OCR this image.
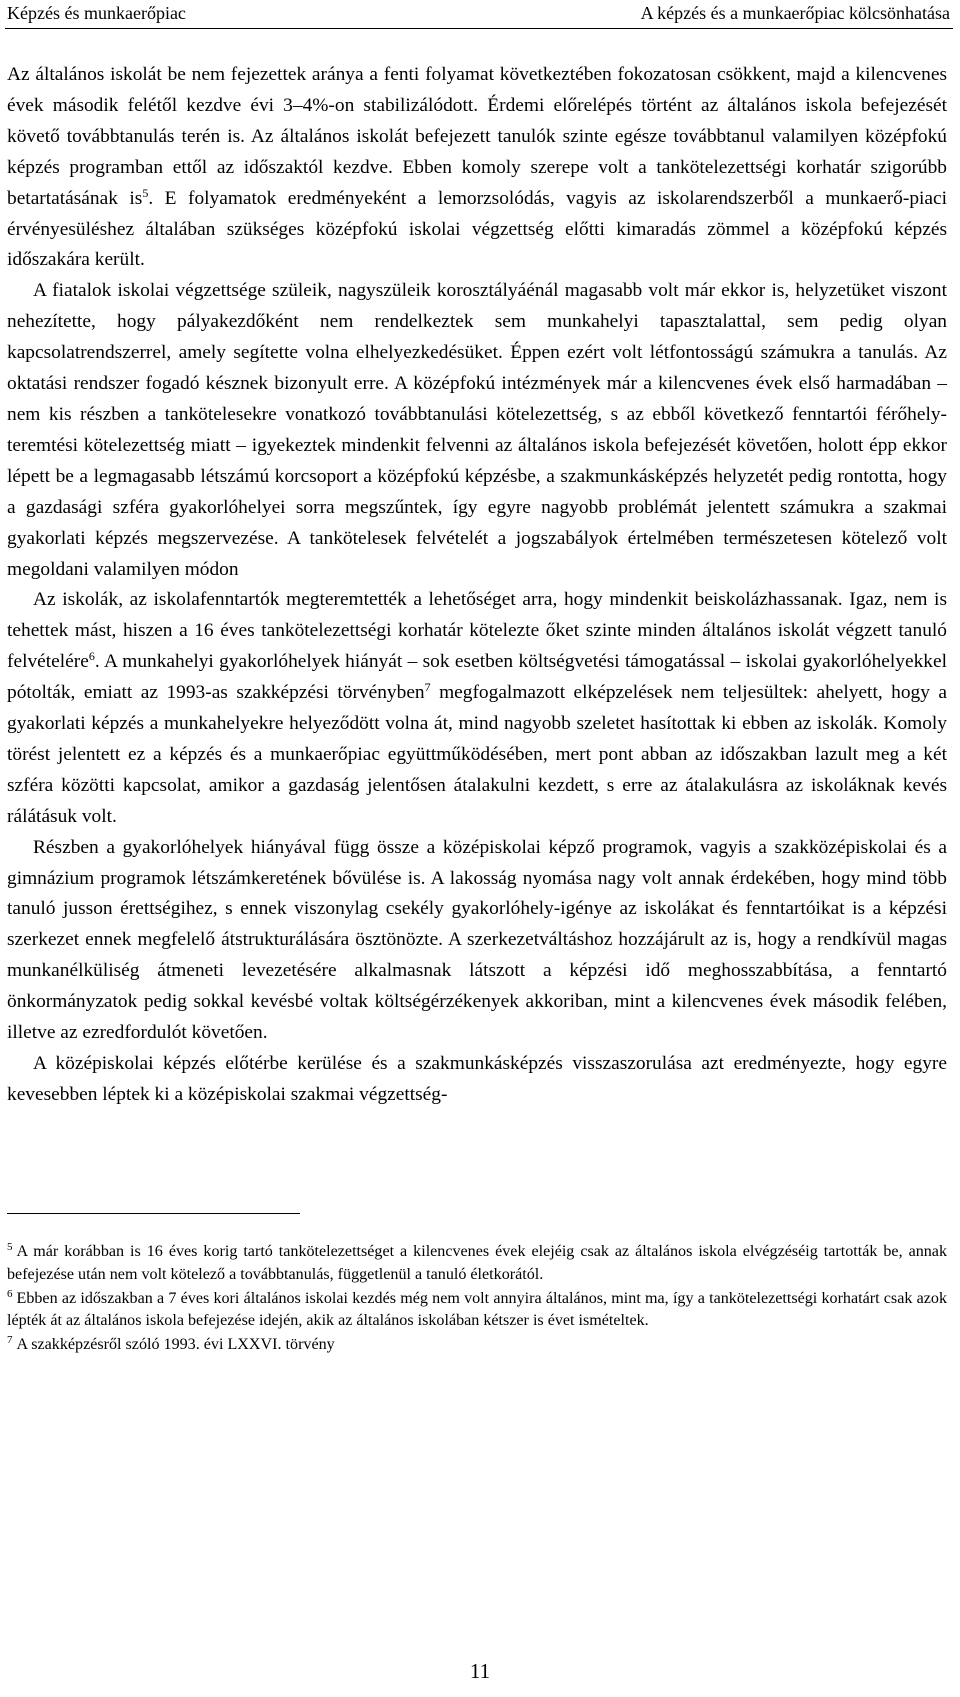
Képzés és munkaerőpiac	A képzés és a munkaerőpiac kölcsönhatása

Az általános iskolát be nem fejezettek aránya a fenti folyamat következtében fokozatosan csökkent, majd a kilencvenes évek második felétől kezdve évi 3–4%-on stabilizálódott. Érdemi előrelépés történt az általános iskola befejezését követő továbbtanulás terén is. Az általános iskolát befejezett tanulók szinte egésze továbbtanul valamilyen középfokú képzés programban ettől az időszaktól kezdve. Ebben komoly szerepe volt a tankötelezettségi korhatár szigorúbb betartatásának $is^5$. E folyamatok eredményeként a lemorzsolódás, vagyis az iskolarendszerből a munkaerő-piaci érvényesüléshez általában szükséges középfokú iskolai végzettség előtti kimaradás zömmel a középfokú képzés időszakára került.

A fiatalok iskolai végzettsége szüleik, nagyszüleik korosztályáénál magasabb volt már ekkor is, helyzetüket viszont nehezítette, hogy pályakezdőként nem rendelkeztek sem munkahelyi tapasztalattal, sem pedig olyan kapcsolatrendszerrel, amely segítette volna elhelyezkedésüket. Éppen ezért volt létfontosságú számukra a tanulás. Az oktatási rendszer fogadó késznek bizonyult erre. A középfokú intézmények már a kilencvenes évek első harmadában – nem kis részben a tankötelesekre vonatkozó továbbtanulási kötelezettség, s az ebből következő fenntartói férőhely-teremtési kötelezettség miatt – igyekeztek mindenkit felvenni az általános iskola befejezését követően, holott épp ekkor lépett be a legmagasabb létszámú korcsoport a középfokú képzésbe, a szakmunkásképzés helyzetét pedig rontotta, hogy a gazdasági szféra gyakorlóhelyei sorra megszűntek, így egyre nagyobb problémát jelentett számukra a szakmai gyakorlati képzés megszervezése. A tankötelesek felvételét a jogszabályok értelmében természetesen kötelező volt megoldani valamilyen módon

Az iskolák, az iskolafenntartók megteremtették a lehetőséget arra, hogy mindenkit beiskolázhassanak. Igaz, nem is tehettek mást, hiszen a 16 éves tankötelezettségi korhatár kötelezte őket szinte minden általános iskolát végzett tanuló felvételére$^6$. A munkahelyi gyakorlóhelyek hiányát – sok esetben költségvetési támogatással – iskolai gyakorlóhelyekkel pótolták, emiatt az 1993-as szakképzési törvényben$^7$ megfogalmazott elképzelések nem teljesültek: ahelyett, hogy a gyakorlati képzés a munkahelyekre helyeződött volna át, mind nagyobb szeletet hasítottak ki ebben az iskolák. Komoly törést jelentett ez a képzés és a munkaerőpiac együttműködésében, mert pont abban az időszakban lazult meg a két szféra közötti kapcsolat, amikor a gazdaság jelentősen átalakulni kezdett, s erre az átalakulásra az iskoláknak kevés rálátásuk volt.

Részben a gyakorlóhelyek hiányával függ össze a középiskolai képző programok, vagyis a szakközépiskolai és a gimnázium programok létszámkeretének bővülése is. A lakosság nyomása nagy volt annak érdekében, hogy mind több tanuló jusson érettségihez, s ennek viszonylag csekély gyakorlóhely-igénye az iskolákat és fenntartóikat is a képzési szerkezet ennek megfelelő átstrukturálására ösztönözte. A szerkezetváltáshoz hozzájárult az is, hogy a rendkívül magas munkanélküliség átmeneti levezetésére alkalmasnak látszott a képzési idő meghosszabbítása, a fenntartó önkormányzatok pedig sokkal kevésbé voltak költségérzékenyek akkoriban, mint a kilencvenes évek második felében, illetve az ezredfordulót követően.

A középiskolai képzés előtérbe kerülése és a szakmunkásképzés visszaszorulása azt eredményezte, hogy egyre kevesebben léptek ki a középiskolai szakmai végzettség-

$^5$ A már korábban is 16 éves korig tartó tankötelezettséget a kilencvenes évek elejéig csak az általános iskola elvégzéséig tartották be, annak befejezése után nem volt kötelező a továbbtanulás, függetlenül a tanuló életkorától.

$^6$ Ebben az időszakban a 7 éves kori általános iskolai kezdés még nem volt annyira általános, mint ma, így a tankötelezettségi korhatárt csak azok lépték át az általános iskola befejezése idején, akik az általános iskolában kétszer is évet ismételtek.

$^7$ A szakképzésről szóló 1993. évi LXXVI. törvény

11
